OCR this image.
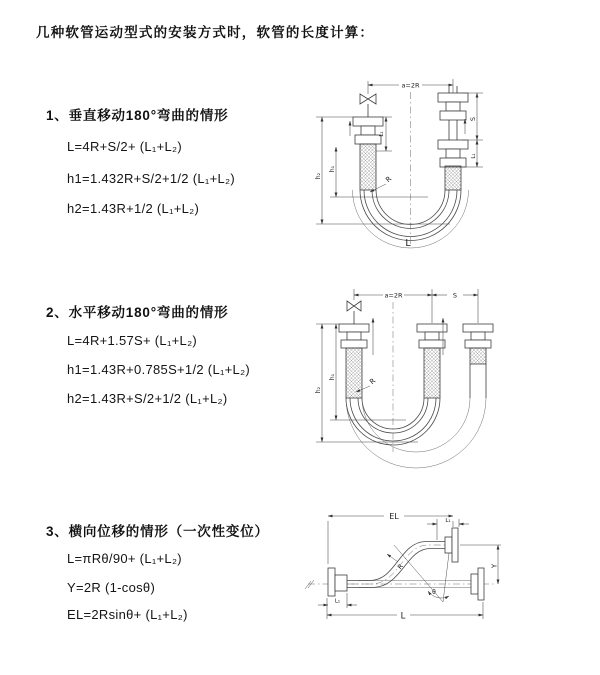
几种软管运动型式的安装方式时，软管的长度计算：
1、垂直移动180°弯曲的情形
L=4R+S/2+ (L₁+L₂)
h1=1.432R+S/2+1/2 (L₁+L₂)
h2=1.43R+1/2 (L₁+L₂)
2、水平移动180°弯曲的情形
L=4R+1.57S+ (L₁+L₂)
h1=1.43R+0.785S+1/2 (L₁+L₂)
h2=1.43R+S/2+1/2 (L₁+L₂)
3、横向位移的情形（一次性变位）
L=πRθ/90+ (L₁+L₂)
Y=2R (1-cosθ)
EL=2Rsinθ+ (L₁+L₂)
a=2R
h₁
h₂
L₁
S
L₁
R
L
a=2R	S
h₁
h₂
R
EL	L₁
θ
R	Y
L₁
L
